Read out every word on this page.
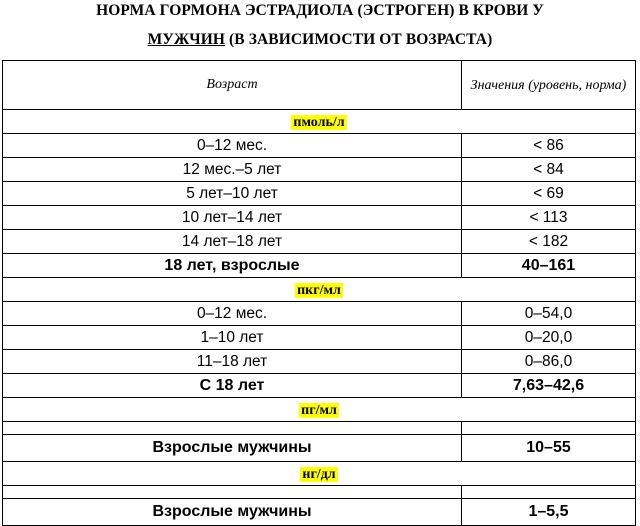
НОРМА ГОРМОНА ЭСТРАДИОЛА (ЭСТРОГЕН) В КРОВИ У
МУЖЧИН (В ЗАВИСИМОСТИ ОТ ВОЗРАСТА)
Возраст	Значения (уровень, норма)
пмоль/л	
0–12 мес.	< 86
12 мес.–5 лет	< 84
5 лет–10 лет	< 69
10 лет–14 лет	< 113
14 лет–18 лет	< 182
18 лет, взрослые	40–161
пкг/мл	
0–12 мес.	0–54,0
1–10 лет	0–20,0
11–18 лет	0–86,0
С 18 лет	7,63–42,6
пг/мл	

Взрослые мужчины	10–55
нг/дл	

Взрослые мужчины	1–5,5
